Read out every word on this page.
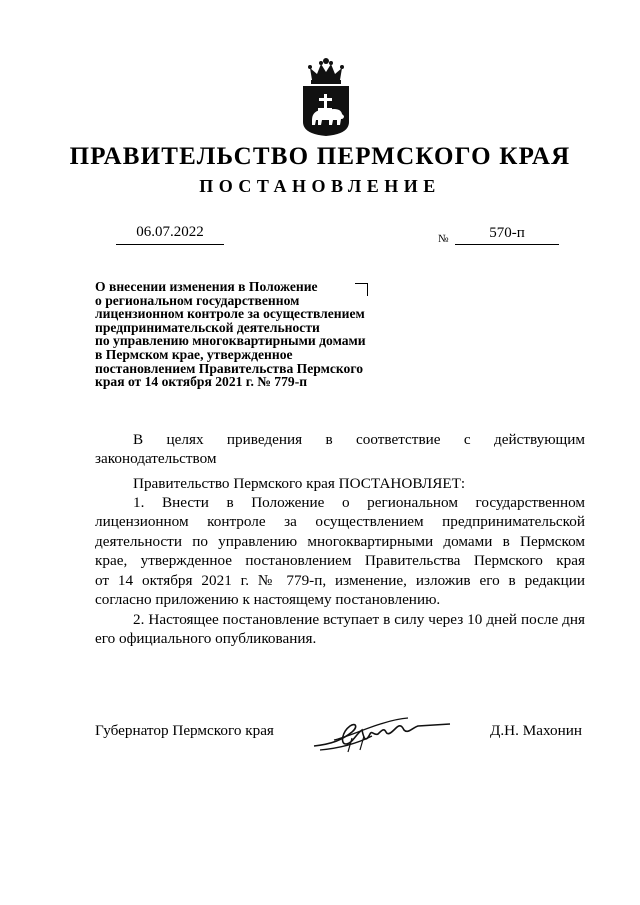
ПРАВИТЕЛЬСТВО ПЕРМСКОГО КРАЯ
ПОСТАНОВЛЕНИЕ
06.07.2022	№	570-п
О внесении изменения в Положение
о региональном государственном
лицензионном контроле за осуществлением
предпринимательской деятельности
по управлению многоквартирными домами
в Пермском крае, утвержденное
постановлением Правительства Пермского
края от 14 октября 2021 г. № 779-п
В целях приведения в соответствие с действующим
законодательством
Правительство Пермского края ПОСТАНОВЛЯЕТ:
1. Внести в Положение о региональном государственном
лицензионном контроле за осуществлением предпринимательской
деятельности по управлению многоквартирными домами в Пермском
крае, утвержденное постановлением Правительства Пермского края
от 14 октября 2021 г. № 779-п, изменение, изложив его в редакции
согласно приложению к настоящему постановлению.
2. Настоящее постановление вступает в силу через 10 дней после дня
его официального опубликования.
Губернатор Пермского края	Д.Н. Махонин
